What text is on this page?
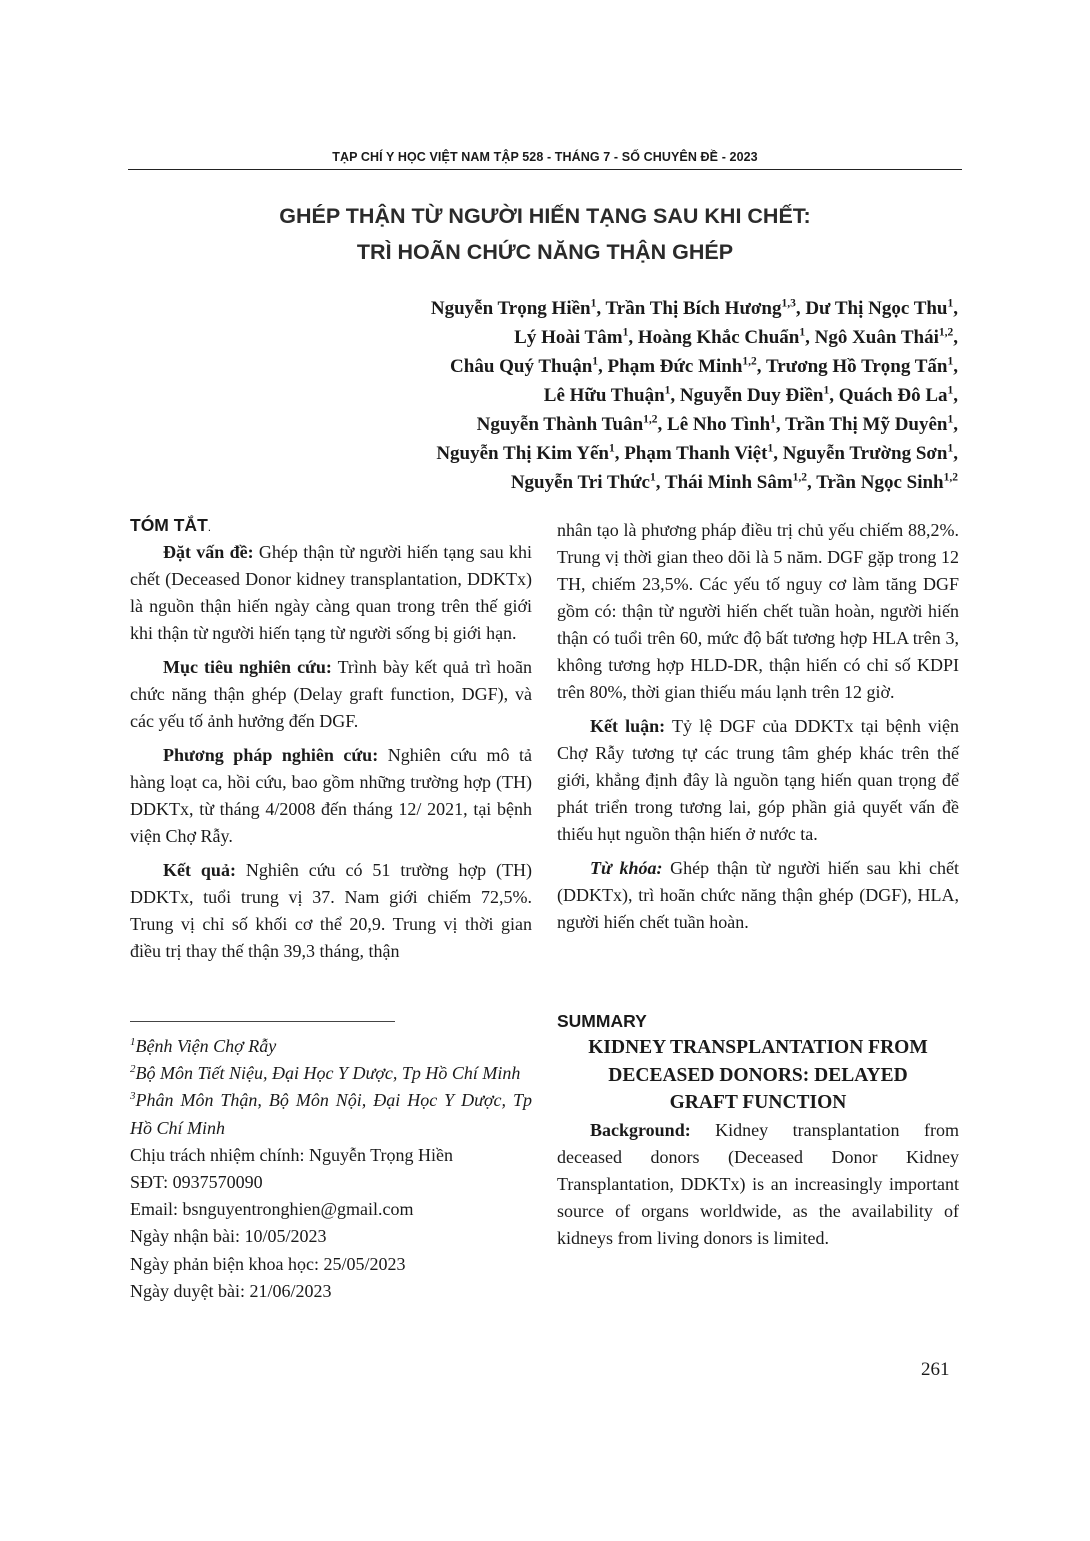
TẠP CHÍ Y HỌC VIỆT NAM TẬP 528 - THÁNG 7 - SỐ CHUYÊN ĐỀ - 2023
GHÉP THẬN TỪ NGƯỜI HIẾN TẠNG SAU KHI CHẾT:
TRÌ HOÃN CHỨC NĂNG THẬN GHÉP
Nguyễn Trọng Hiền$^1$, Trần Thị Bích Hương$^{1,3}$, Dư Thị Ngọc Thu$^1$,
Lý Hoài Tâm$^1$, Hoàng Khắc Chuẩn$^1$, Ngô Xuân Thái$^{1,2}$,
Châu Quý Thuận$^1$, Phạm Đức Minh$^{1,2}$, Trương Hồ Trọng Tấn$^1$,
Lê Hữu Thuận$^1$, Nguyễn Duy Điền$^1$, Quách Đô La$^1$,
Nguyễn Thành Tuân$^{1,2}$, Lê Nho Tình$^1$, Trần Thị Mỹ Duyên$^1$,
Nguyễn Thị Kim Yến$^1$, Phạm Thanh Việt$^1$, Nguyễn Trường Sơn$^1$,
Nguyễn Tri Thức$^1$, Thái Minh Sâm$^{1,2}$, Trần Ngọc Sinh$^{1,2}$
TÓM TẮT.

Đặt vấn đề: Ghép thận từ người hiến tạng sau khi chết (Deceased Donor kidney transplantation, DDKTx) là nguồn thận hiến ngày càng quan trong trên thế giới khi thận từ người hiến tạng từ người sống bị giới hạn.

Mục tiêu nghiên cứu: Trình bày kết quả trì hoãn chức năng thận ghép (Delay graft function, DGF), và các yếu tố ảnh hưởng đến DGF.

Phương pháp nghiên cứu: Nghiên cứu mô tả hàng loạt ca, hồi cứu, bao gồm những trường hợp (TH) DDKTx, từ tháng 4/2008 đến tháng 12/ 2021, tại bệnh viện Chợ Rẫy.

Kết quả: Nghiên cứu có 51 trường hợp (TH) DDKTx, tuổi trung vị 37. Nam giới chiếm 72,5%. Trung vị chỉ số khối cơ thể 20,9. Trung vị thời gian điều trị thay thế thận 39,3 tháng, thận

$^1$Bệnh Viện Chợ Rẫy
$^2$Bộ Môn Tiết Niệu, Đại Học Y Dược, Tp Hồ Chí Minh
$^3$Phân Môn Thận, Bộ Môn Nội, Đại Học Y Dược, Tp Hồ Chí Minh
Chịu trách nhiệm chính: Nguyễn Trọng Hiền
SĐT: 0937570090
Email: bsnguyentronghien@gmail.com
Ngày nhận bài: 10/05/2023
Ngày phản biện khoa học: 25/05/2023
Ngày duyệt bài: 21/06/2023

nhân tạo là phương pháp điều trị chủ yếu chiếm 88,2%. Trung vị thời gian theo dõi là 5 năm. DGF gặp trong 12 TH, chiếm 23,5%. Các yếu tố nguy cơ làm tăng DGF gồm có: thận từ người hiến chết tuần hoàn, người hiến thận có tuổi trên 60, mức độ bất tương hợp HLA trên 3, không tương hợp HLD-DR, thận hiến có chỉ số KDPI trên 80%, thời gian thiếu máu lạnh trên 12 giờ.

Kết luận: Tỷ lệ DGF của DDKTx tại bệnh viện Chợ Rẫy tương tự các trung tâm ghép khác trên thế giới, khẳng định đây là nguồn tạng hiến quan trọng để phát triển trong tương lai, góp phần giả quyết vấn đề thiếu hụt nguồn thận hiến ở nước ta.

Từ khóa: Ghép thận từ người hiến sau khi chết (DDKTx), trì hoãn chức năng thận ghép (DGF), HLA, người hiến chết tuần hoàn.

SUMMARY
KIDNEY TRANSPLANTATION FROM
DECEASED DONORS: DELAYED
GRAFT FUNCTION

Background: Kidney transplantation from deceased donors (Deceased Donor Kidney Transplantation, DDKTx) is an increasingly important source of organs worldwide, as the availability of kidneys from living donors is limited.

261
